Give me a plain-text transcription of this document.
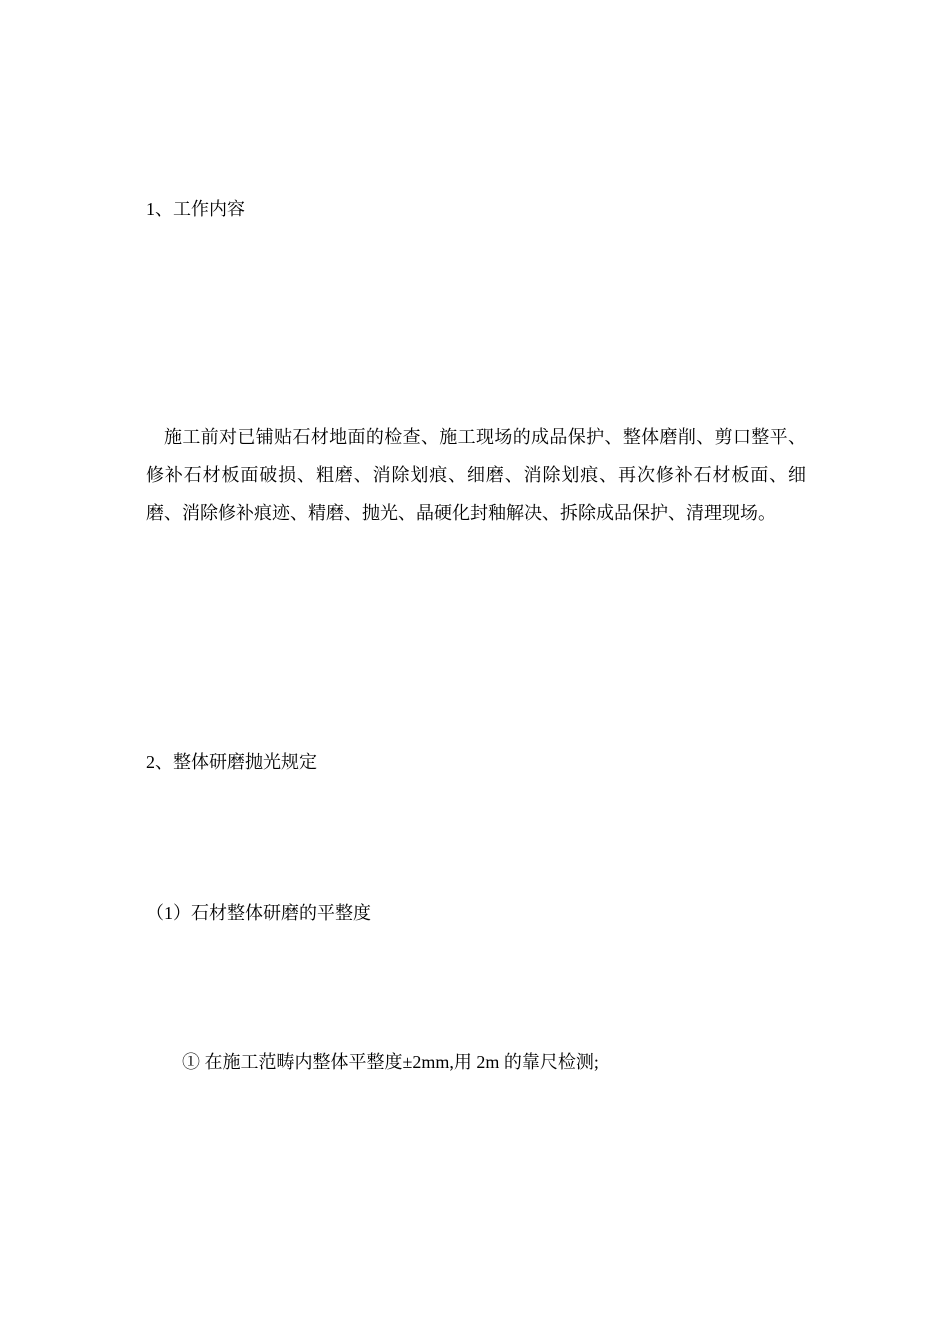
1、工作内容

施工前对已铺贴石材地面的检查、施工现场的成品保护、整体磨削、剪口整平、修补石材板面破损、粗磨、消除划痕、细磨、消除划痕、再次修补石材板面、细磨、消除修补痕迹、精磨、抛光、晶硬化封釉解决、拆除成品保护、清理现场。

2、整体研磨抛光规定

（1）石材整体研磨的平整度

① 在施工范畴内整体平整度±2mm,用 2m 的靠尺检测;
